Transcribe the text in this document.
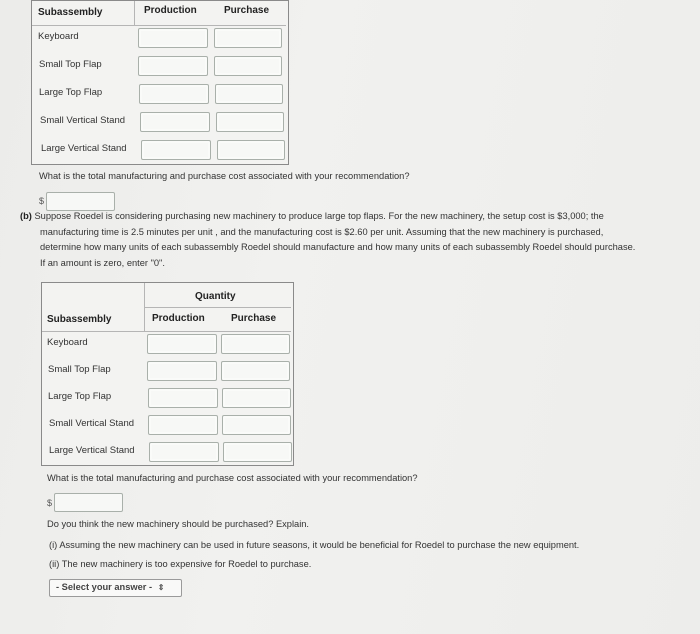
Subassembly	Production	Purchase
Keyboard
Small Top Flap
Large Top Flap
Small Vertical Stand
Large Vertical Stand
What is the total manufacturing and purchase cost associated with your recommendation?
$
(b) Suppose Roedel is considering purchasing new machinery to produce large top flaps. For the new machinery, the setup cost is $3,000; the
manufacturing time is 2.5 minutes per unit , and the manufacturing cost is $2.60 per unit. Assuming that the new machinery is purchased,
determine how many units of each subassembly Roedel should manufacture and how many units of each subassembly Roedel should purchase.
If an amount is zero, enter "0".
Quantity
Subassembly	Production	Purchase
Keyboard
Small Top Flap
Large Top Flap
Small Vertical Stand
Large Vertical Stand
What is the total manufacturing and purchase cost associated with your recommendation?
$
Do you think the new machinery should be purchased? Explain.
(i) Assuming the new machinery can be used in future seasons, it would be beneficial for Roedel to purchase the new equipment.
(ii) The new machinery is too expensive for Roedel to purchase.
- Select your answer - ⇕
